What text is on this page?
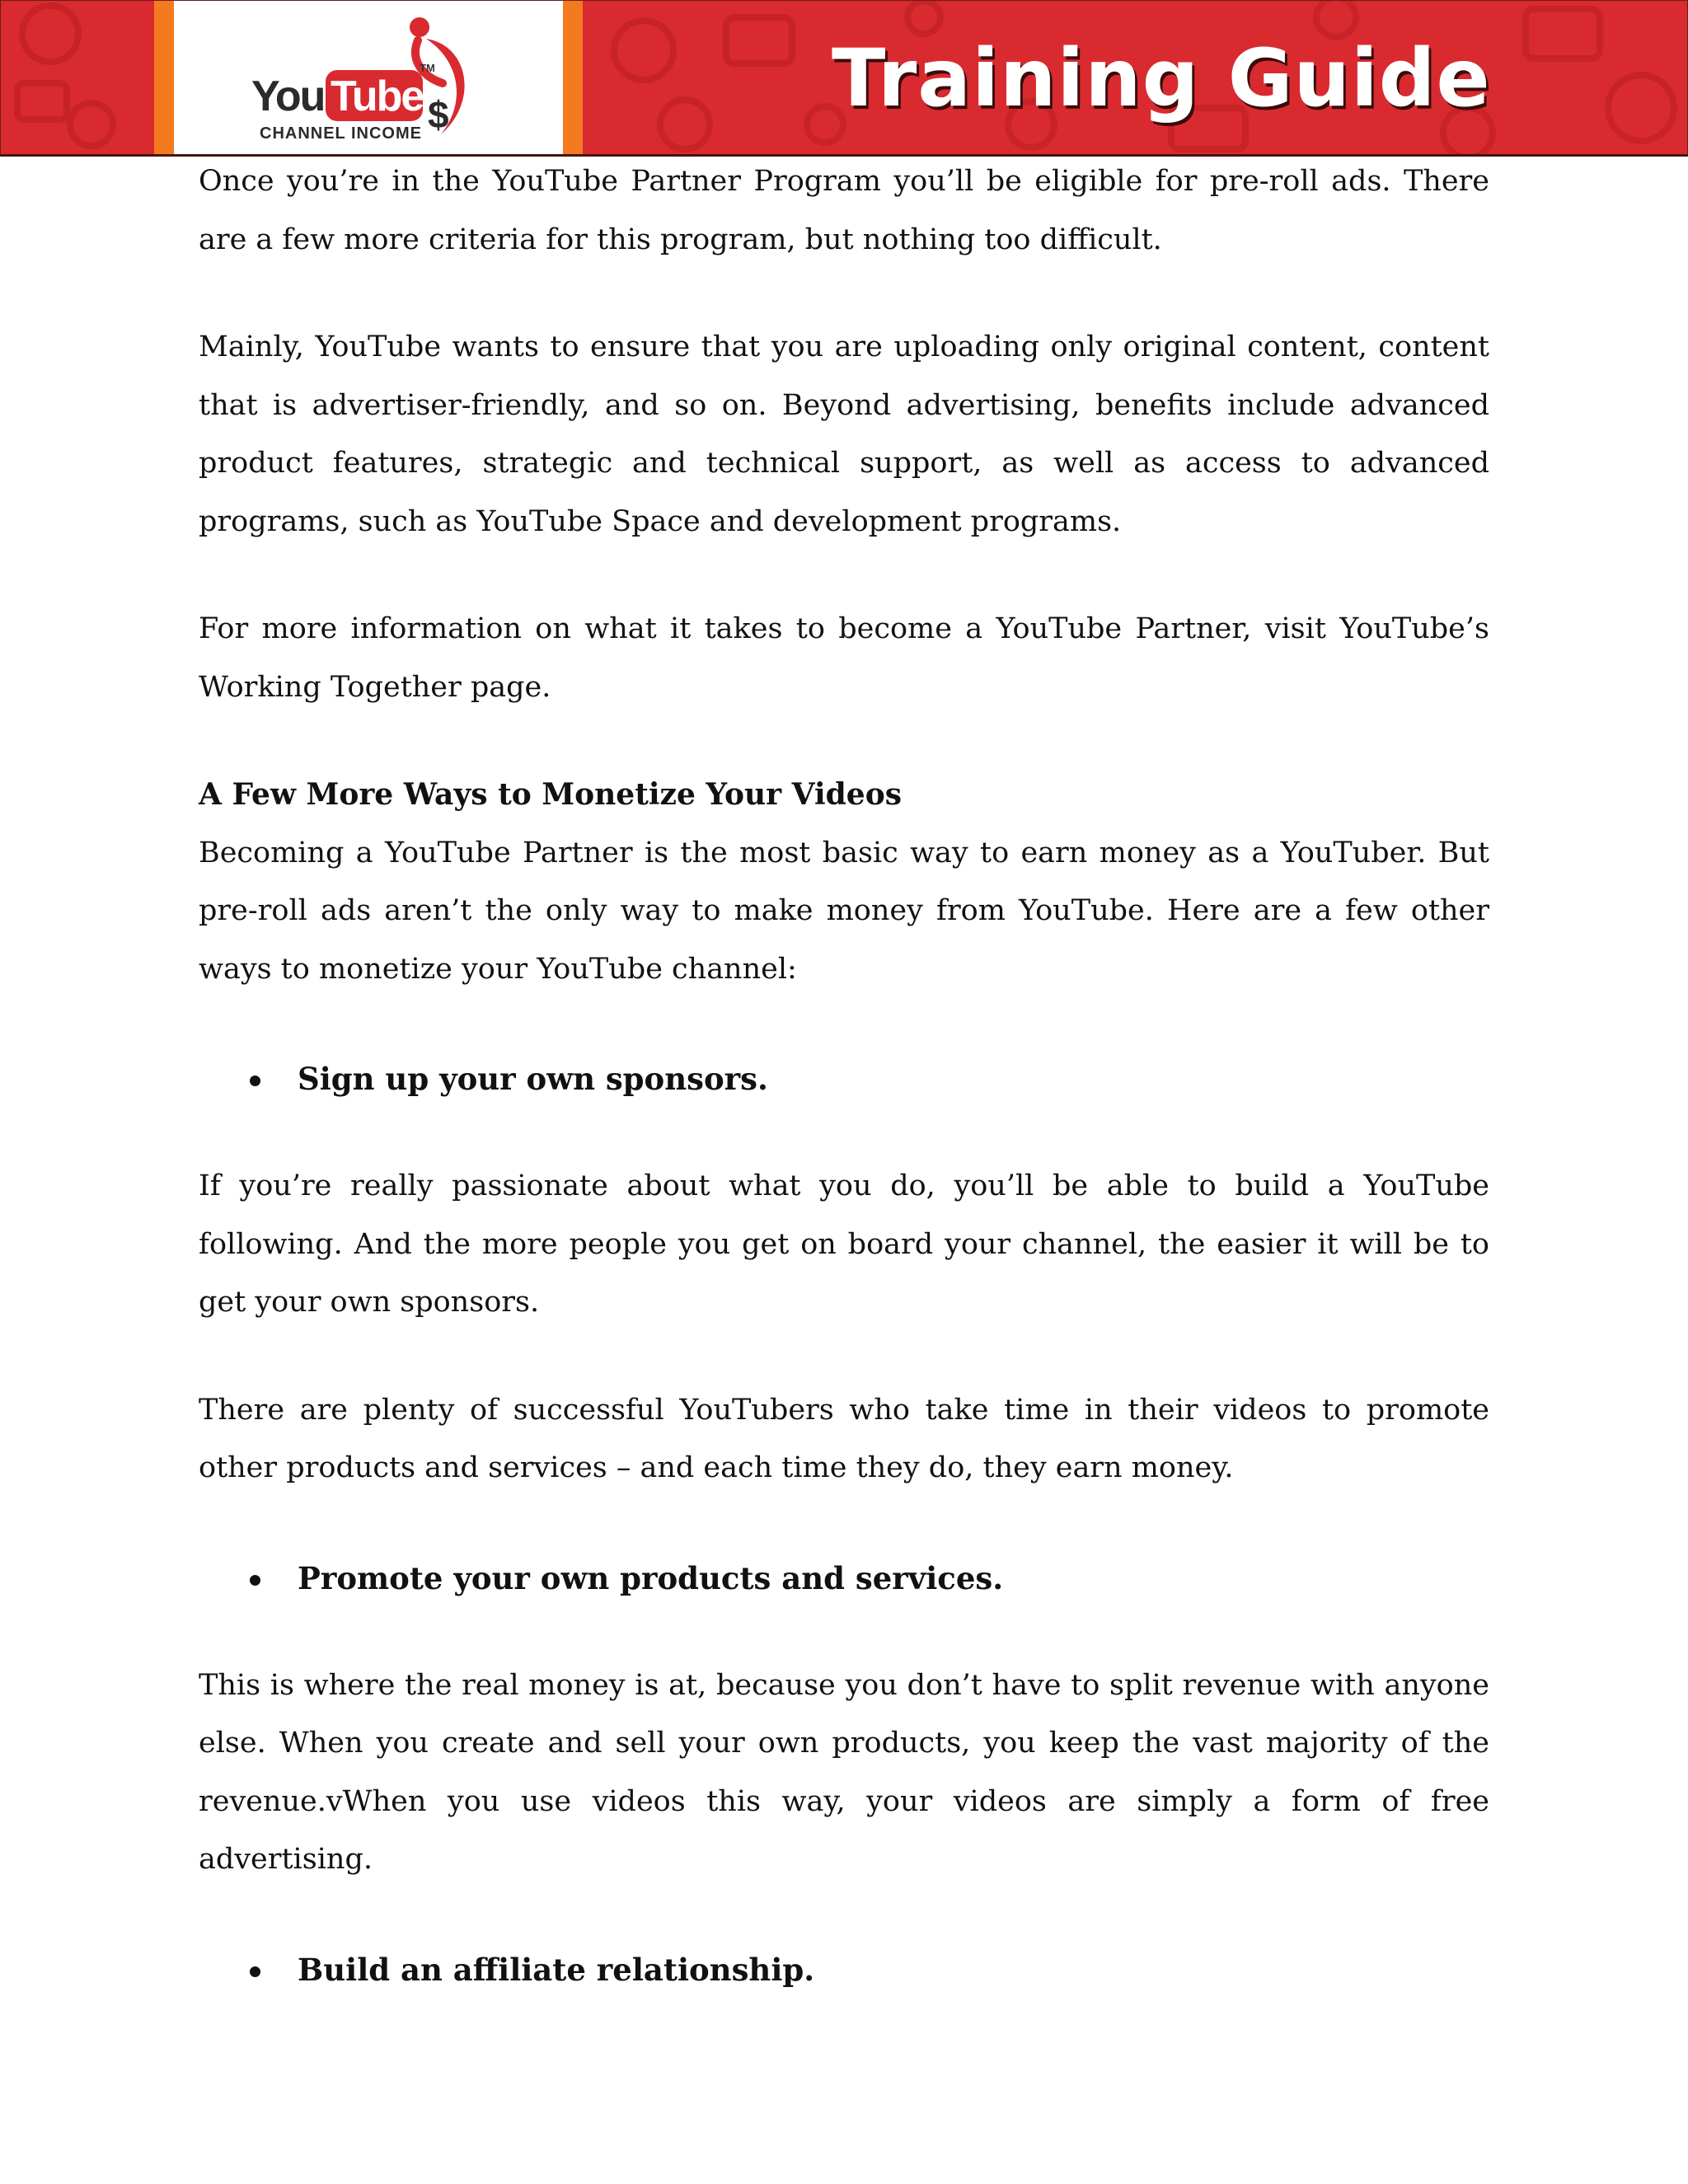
$
You Tube
TM
CHANNEL INCOME
Training Guide

Once you’re in the YouTube Partner Program you’ll be eligible for pre-roll ads. There are a few more criteria for this program, but nothing too difficult.

Mainly, YouTube wants to ensure that you are uploading only original content, content that is advertiser-friendly, and so on. Beyond advertising, benefits include advanced product features, strategic and technical support, as well as access to advanced programs, such as YouTube Space and development programs.

For more information on what it takes to become a YouTube Partner, visit YouTube’s Working Together page.

A Few More Ways to Monetize Your Videos

Becoming a YouTube Partner is the most basic way to earn money as a YouTuber. But pre-roll ads aren’t the only way to make money from YouTube. Here are a few other ways to monetize your YouTube channel:

Sign up your own sponsors.

If you’re really passionate about what you do, you’ll be able to build a YouTube following. And the more people you get on board your channel, the easier it will be to get your own sponsors.

There are plenty of successful YouTubers who take time in their videos to promote other products and services – and each time they do, they earn money.

Promote your own products and services.

This is where the real money is at, because you don’t have to split revenue with anyone else. When you create and sell your own products, you keep the vast majority of the revenue.vWhen you use videos this way, your videos are simply a form of free advertising.

Build an affiliate relationship.
